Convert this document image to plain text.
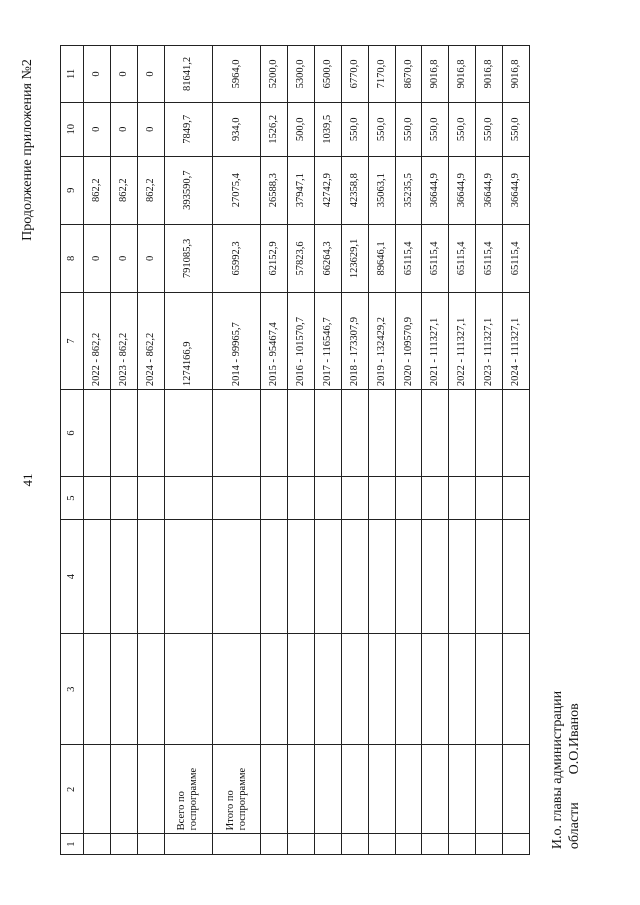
Продолжение приложения №2
41
1	2	3	4	5	6	7	8	9	10	11
						2022 - 862,2	0	862,2	0	0
						2023 - 862,2	0	862,2	0	0
						2024 - 862,2	0	862,2	0	0
	Всего по госпрограмме					1274166,9	791085,3	393590,7	7849,7	81641,2
	Итого по госпрограмме					2014 - 99965,7	65992,3	27075,4	934,0	5964,0
						2015 - 95467,4	62152,9	26588,3	1526,2	5200,0
						2016 - 101570,7	57823,6	37947,1	500,0	5300,0
						2017 - 116546,7	66264,3	42742,9	1039,5	6500,0
						2018 - 173307,9	123629,1	42358,8	550,0	6770,0
						2019 - 132429,2	89646,1	35063,1	550,0	7170,0
						2020 - 109570,9	65115,4	35235,5	550,0	8670,0
						2021 - 111327,1	65115,4	36644,9	550,0	9016,8
						2022 - 111327,1	65115,4	36644,9	550,0	9016,8
						2023 - 111327,1	65115,4	36644,9	550,0	9016,8
						2024 - 111327,1	65115,4	36644,9	550,0	9016,8
И.о. главы администрации области        О.О.Иванов
